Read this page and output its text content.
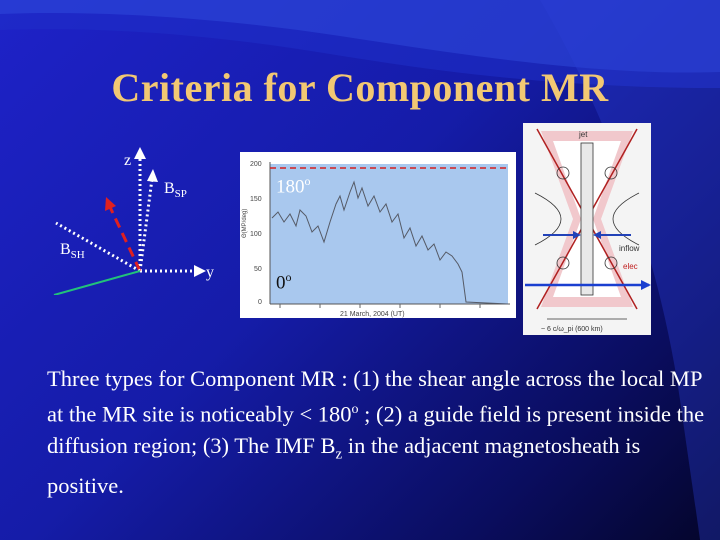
Criteria for Component MR
z
y
$B_{SP}$
$B_{SH}$
200
150
100
50
0
Θ(MP/deg)
21 March, 2004 (UT)
180$^o$
0$^o$
jet
inflow
elec
~ 6 c/ω_pi (600 km)
Three types for Component MR : (1) the shear angle across the local MP at the MR site is noticeably < $180^o$ ; (2) a guide field is present inside the diffusion region; (3) The IMF $B_z$ in the adjacent magnetosheath is positive.
